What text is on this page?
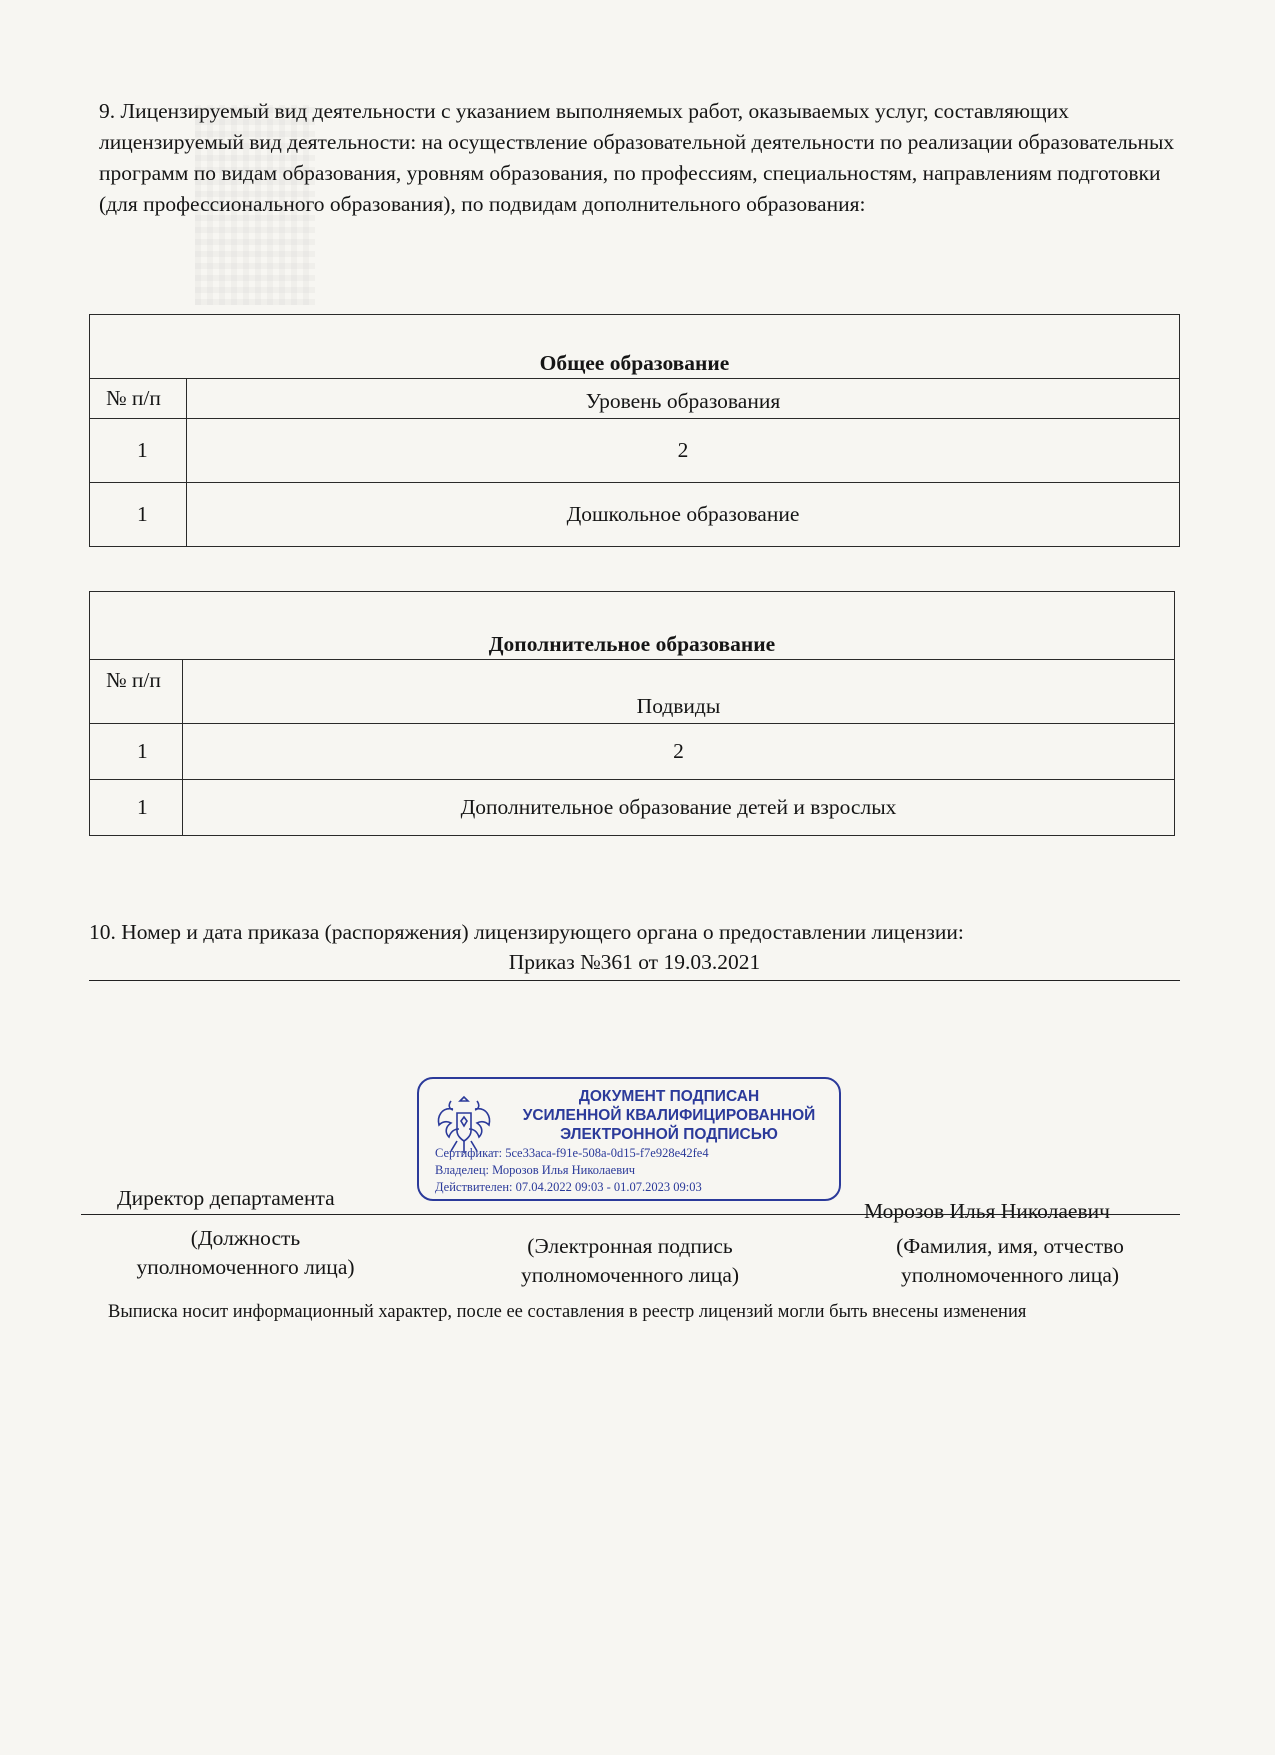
9. Лицензируемый вид деятельности с указанием выполняемых работ, оказываемых услуг, составляющих лицензируемый вид деятельности: на осуществление образовательной деятельности по реализации образовательных программ по видам образования, уровням образования, по профессиям, специальностям, направлениям подготовки (для профессионального образования), по подвидам дополнительного образования:
Общее образование	
№ п/п	Уровень образования
1	2
1	Дошкольное образование
Дополнительное образование	
№ п/п	Подвиды
1	2
1	Дополнительное образование детей и взрослых
10. Номер и дата приказа (распоряжения) лицензирующего органа о предоставлении лицензии:
Приказ №361 от 19.03.2021
ДОКУМЕНТ ПОДПИСАН
УСИЛЕННОЙ КВАЛИФИЦИРОВАННОЙ
ЭЛЕКТРОННОЙ ПОДПИСЬЮ
Сертификат: 5ce33aca-f91e-508a-0d15-f7e928e42fe4
Владелец: Морозов Илья Николаевич
Действителен: 07.04.2022 09:03 - 01.07.2023 09:03
Директор департамента
Морозов Илья Николаевич
(Должность
уполномоченного лица)
(Электронная подпись
уполномоченного лица)
(Фамилия, имя, отчество
уполномоченного лица)
Выписка носит информационный характер, после ее составления в реестр лицензий могли быть внесены изменения
